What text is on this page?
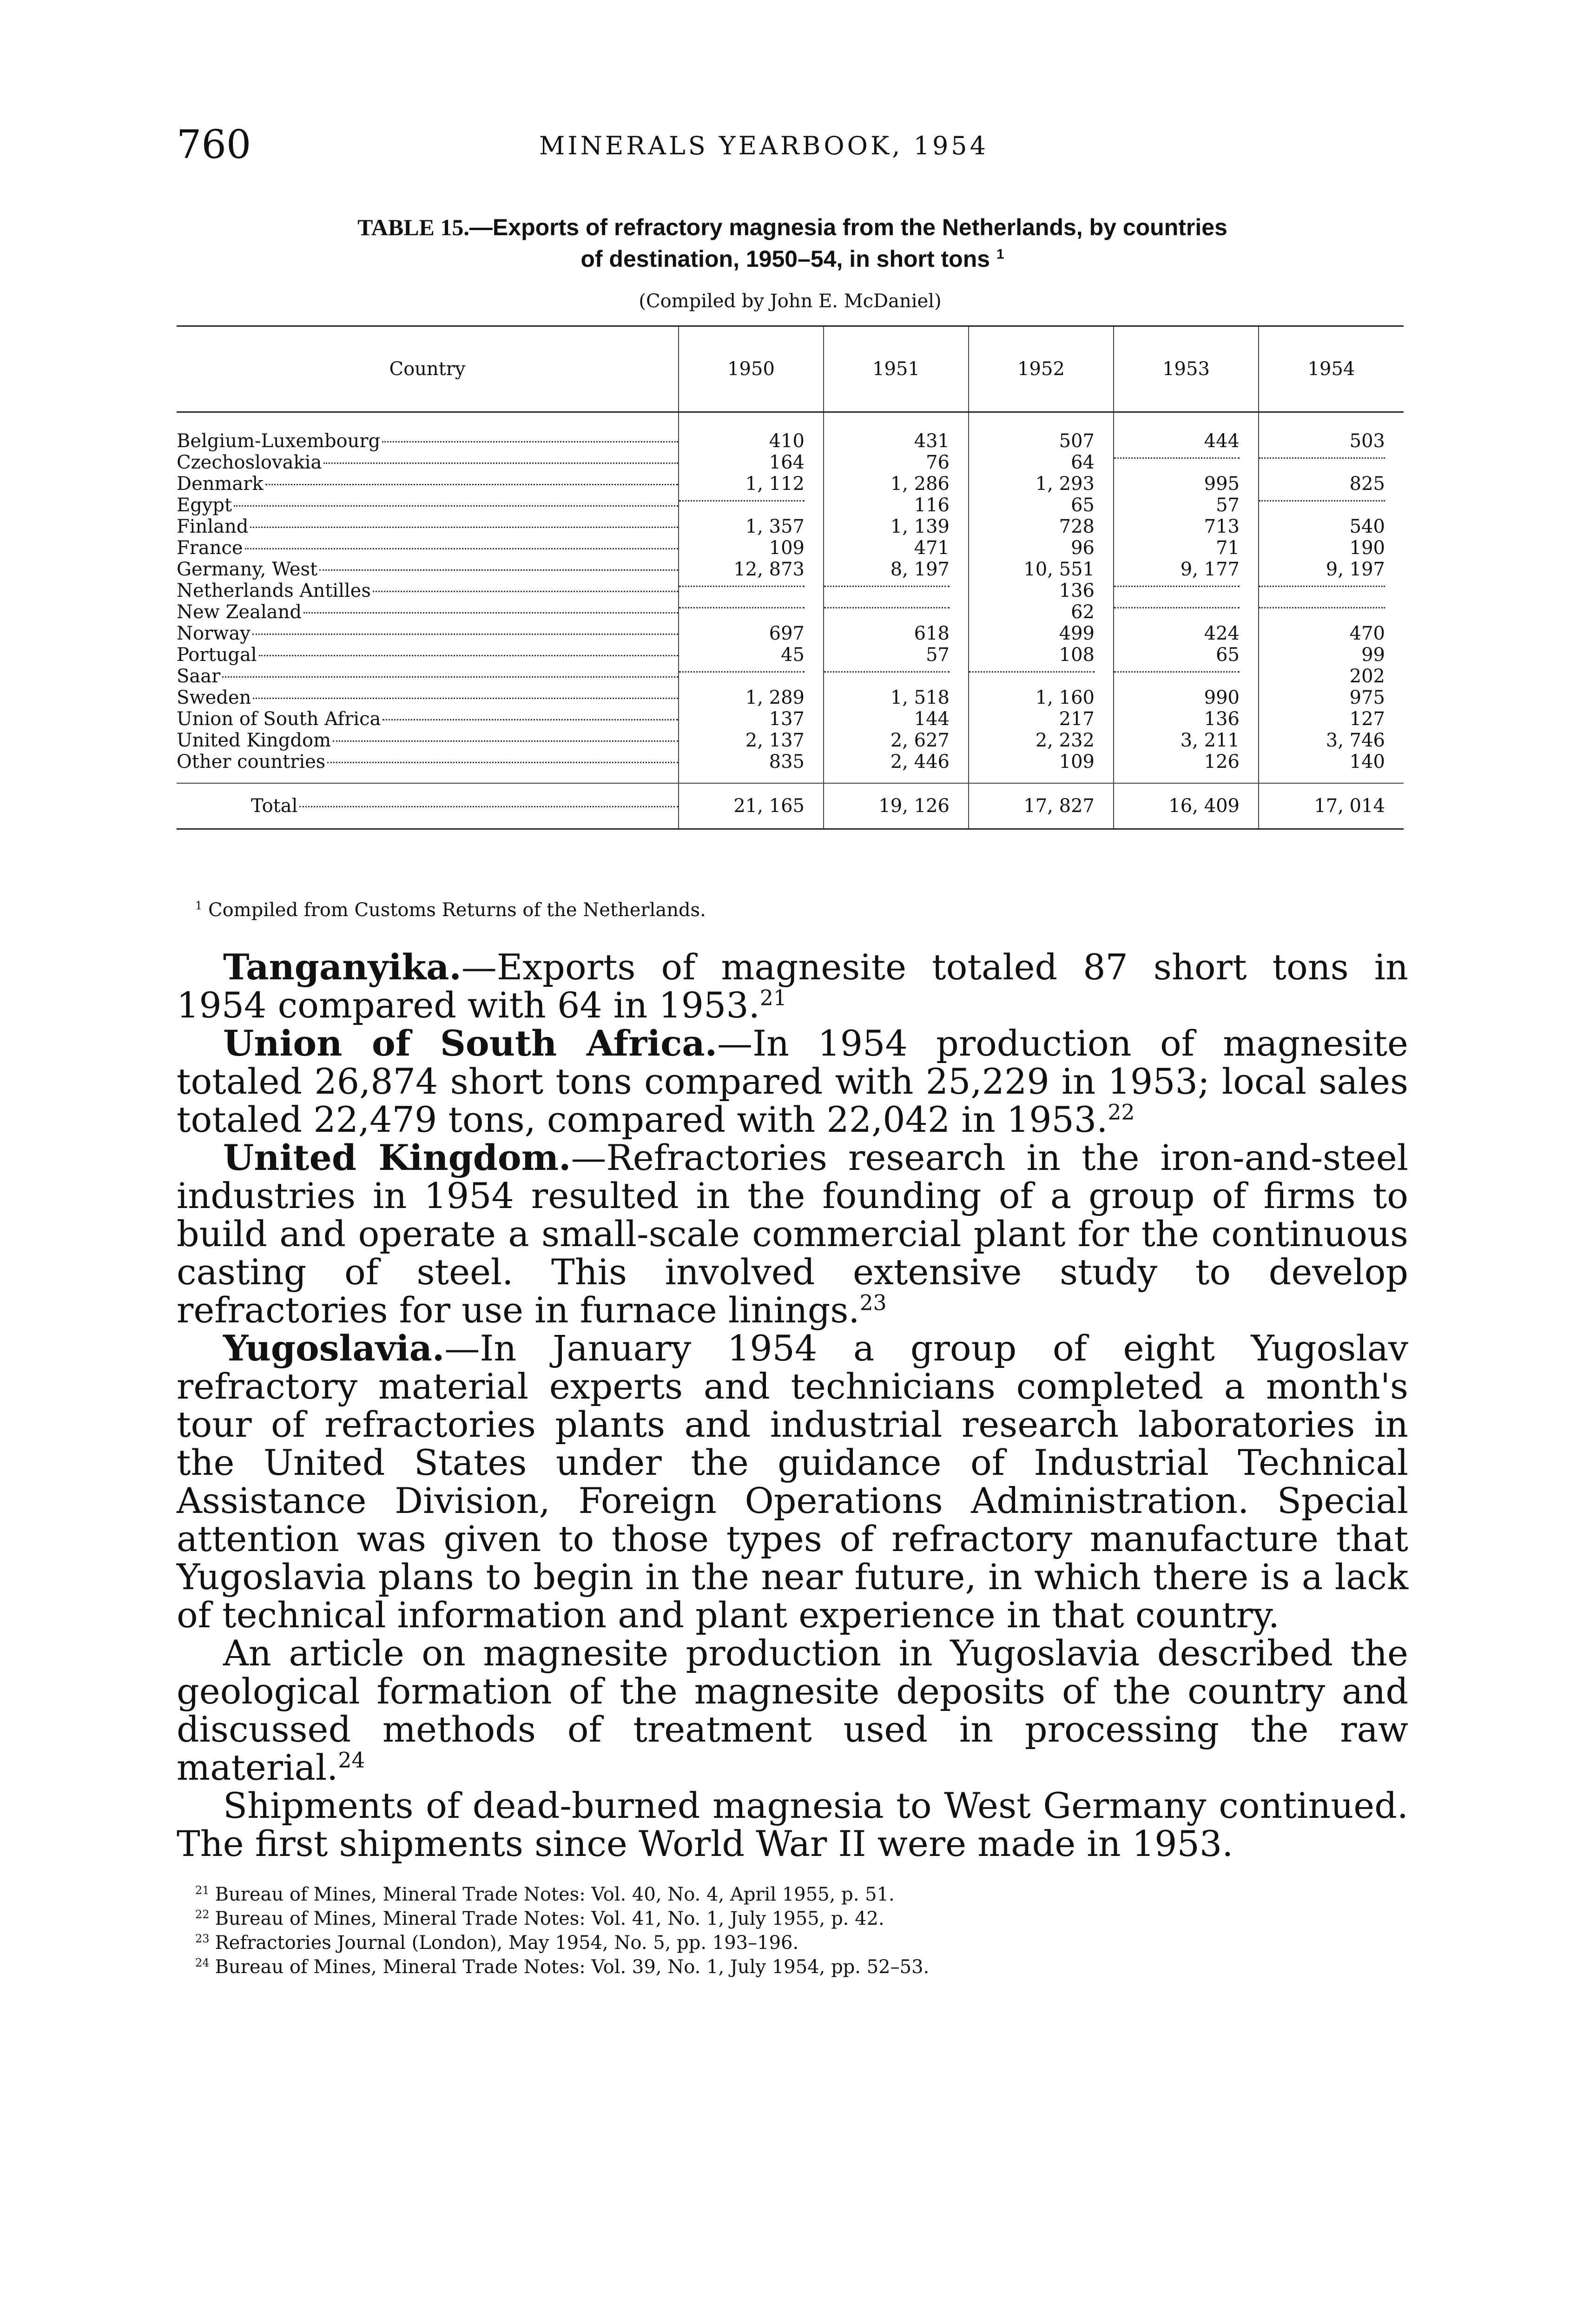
760	MINERALS YEARBOOK, 1954
TABLE 15.—Exports of refractory magnesia from the Netherlands, by countries
of destination, 1950–54, in short tons $^1$
(Compiled by John E. McDaniel)
Country	1950	1951	1952	1953	1954

Belgium-Luxembourg	410	431	507	444	503

Czechoslovakia	164	76	64	

Denmark	1, 112	1, 286	1, 293	995	825

Egypt		116	65	57	

Finland	1, 357	1, 139	728	713	540

France	109	471	96	71	190

Germany, West	12, 873	8, 197	10, 551	9, 177	9, 197

Netherlands Antilles			136	

New Zealand			62	

Norway	697	618	499	424	470

Portugal	45	57	108	65	99

Saar					202

Sweden	1, 289	1, 518	1, 160	990	975

Union of South Africa	137	144	217	136	127

United Kingdom	2, 137	2, 627	2, 232	3, 211	3, 746

Other countries	835	2, 446	109	126	140

Total	21, 165	19, 126	17, 827	16, 409	17, 014
$^1$ Compiled from Customs Returns of the Netherlands.

Tanganyika.—Exports of magnesite totaled 87 short tons in 1954 compared with 64 in 1953.21

Union of South Africa.—In 1954 production of magnesite totaled 26,874 short tons compared with 25,229 in 1953; local sales totaled 22,479 tons, compared with 22,042 in 1953.22

United Kingdom.—Refractories research in the iron-and-steel industries in 1954 resulted in the founding of a group of firms to build and operate a small-scale commercial plant for the continuous casting of steel. This involved extensive study to develop refractories for use in furnace linings.$^{23}$

Yugoslavia.—In January 1954 a group of eight Yugoslav refractory material experts and technicians completed a month's tour of refractories plants and industrial research laboratories in the United States under the guidance of Industrial Technical Assistance Division, Foreign Operations Administration. Special attention was given to those types of refractory manufacture that Yugoslavia plans to begin in the near future, in which there is a lack of technical information and plant experience in that country.

An article on magnesite production in Yugoslavia described the geological formation of the magnesite deposits of the country and discussed methods of treatment used in processing the raw material.$^{24}$

Shipments of dead-burned magnesia to West Germany continued. The first shipments since World War II were made in 1953.

$^{21}$ Bureau of Mines, Mineral Trade Notes: Vol. 40, No. 4, April 1955, p. 51.
$^{22}$ Bureau of Mines, Mineral Trade Notes: Vol. 41, No. 1, July 1955, p. 42.
$^{23}$ Refractories Journal (London), May 1954, No. 5, pp. 193–196.
$^{24}$ Bureau of Mines, Mineral Trade Notes: Vol. 39, No. 1, July 1954, pp. 52–53.
